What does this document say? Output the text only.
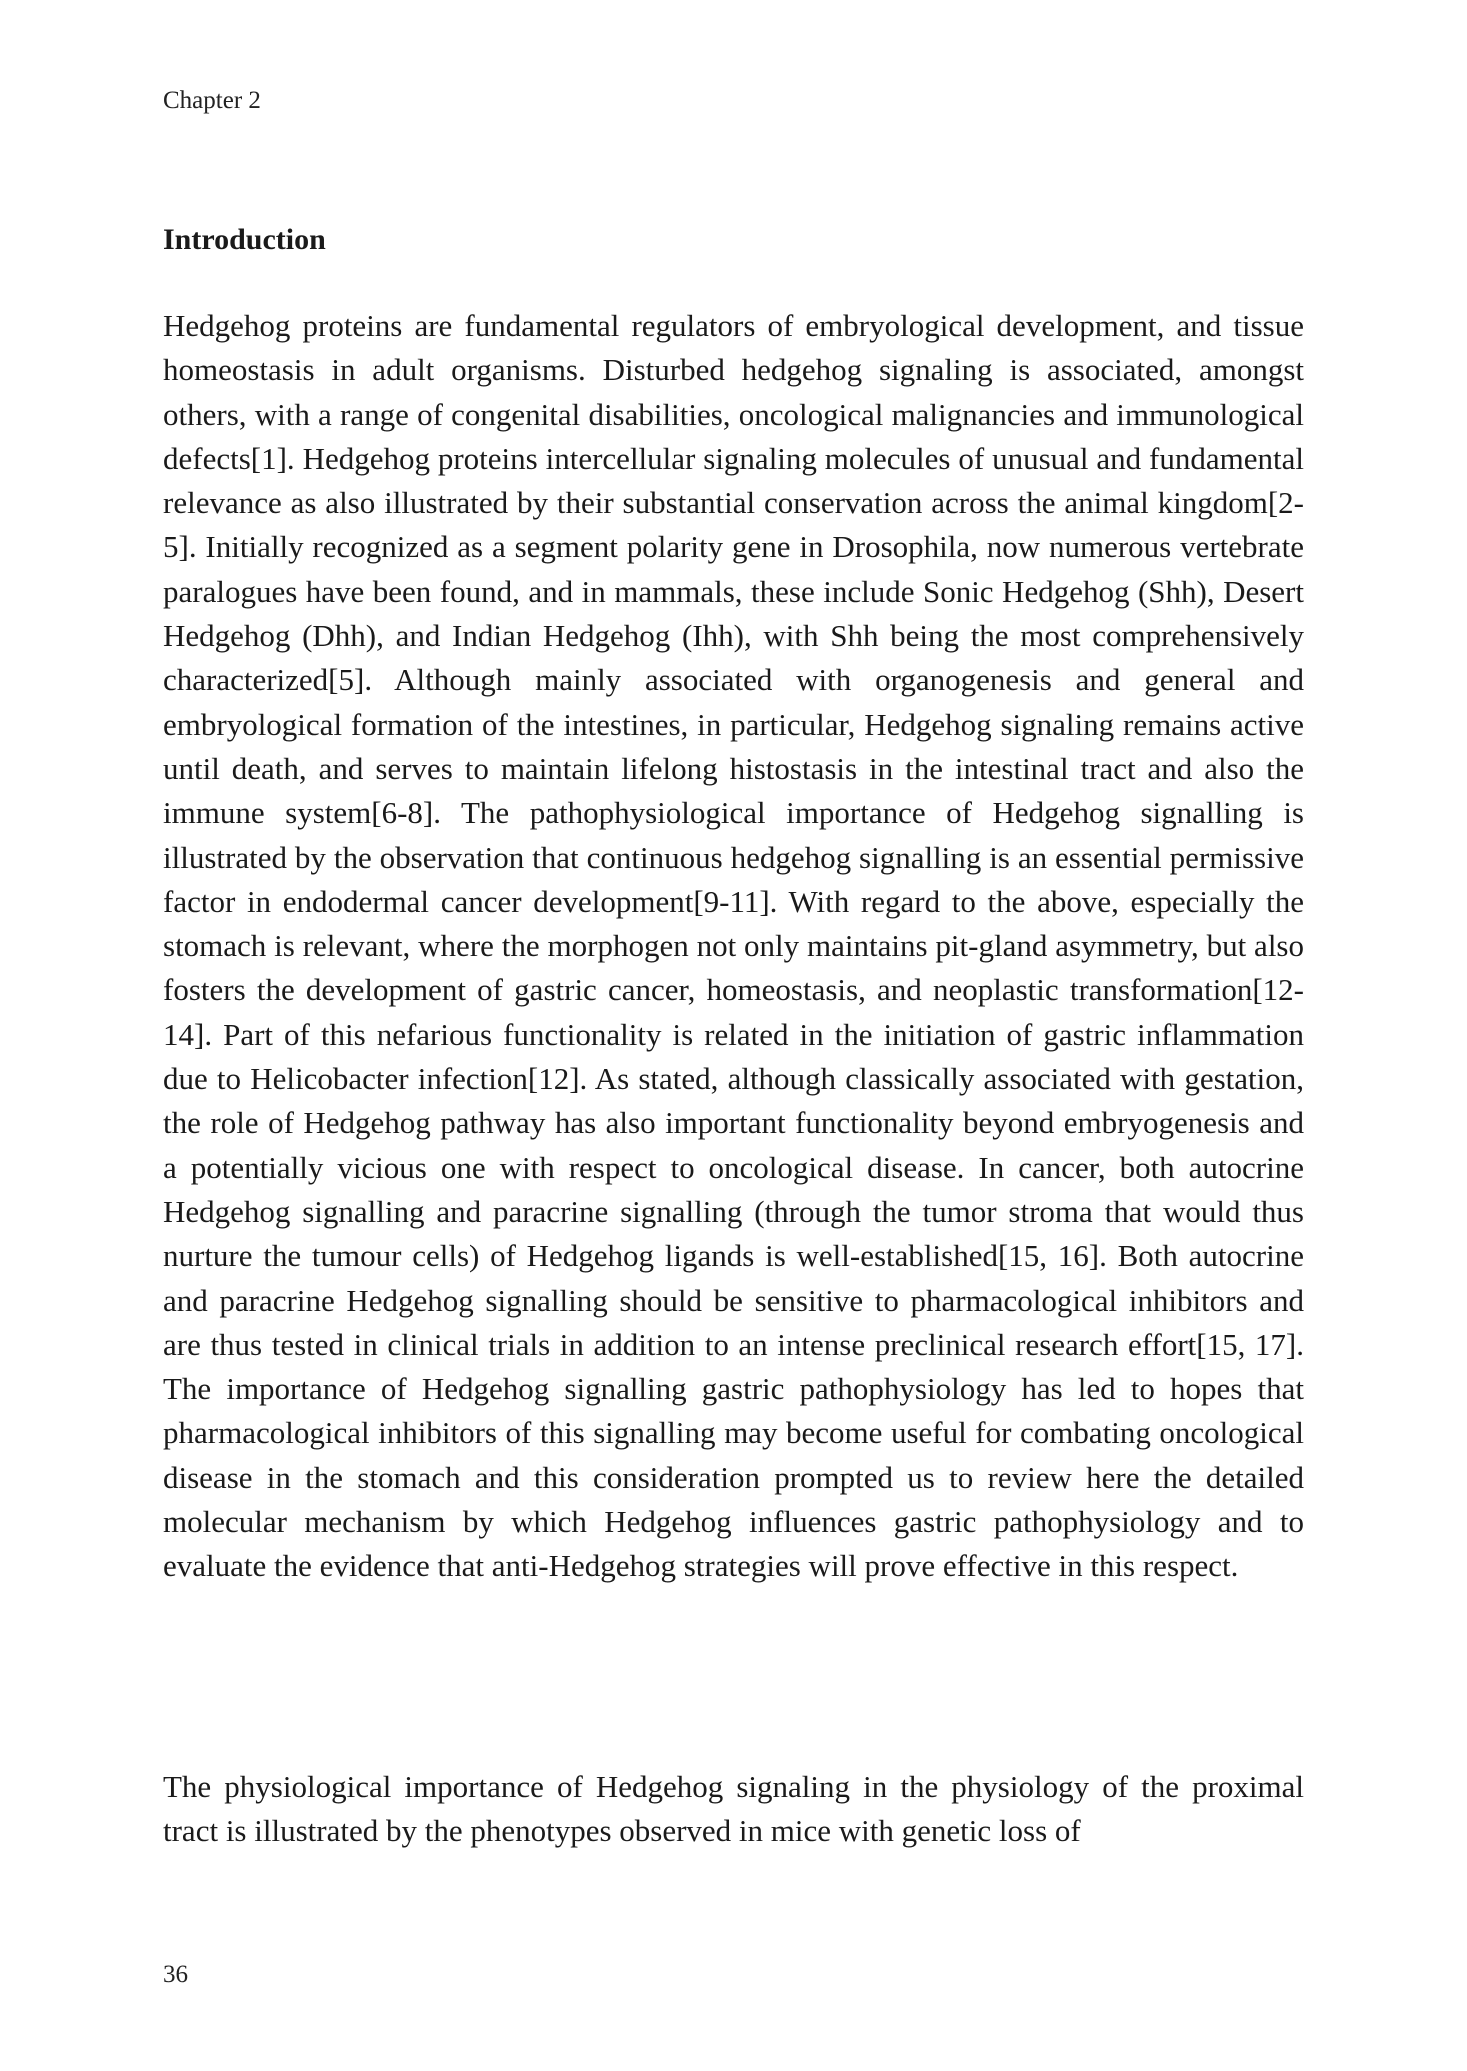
Chapter 2
Introduction

Hedgehog proteins are fundamental regulators of embryological development, and tissue homeostasis in adult organisms. Disturbed hedgehog signaling is associated, amongst others, with a range of congenital disabilities, oncological malignancies and immunological defects[1]. Hedgehog proteins intercellular signaling molecules of unusual and fundamental relevance as also illustrated by their substantial conservation across the animal kingdom[2-5]. Initially recognized as a segment polarity gene in Drosophila, now numerous vertebrate paralogues have been found, and in mammals, these include Sonic Hedgehog (Shh), Desert Hedgehog (Dhh), and Indian Hedgehog (Ihh), with Shh being the most comprehensively characterized[5]. Although mainly associated with organogenesis and general and embryological formation of the intestines, in particular, Hedgehog signaling remains active until death, and serves to maintain lifelong histostasis in the intestinal tract and also the immune system[6-8]. The pathophysiological importance of Hedgehog signalling is illustrated by the observation that continuous hedgehog signalling is an essential permissive factor in endodermal cancer development[9-11]. With regard to the above, especially the stomach is relevant, where the morphogen not only maintains pit-gland asymmetry, but also fosters the development of gastric cancer, homeostasis, and neoplastic transformation[12-14]. Part of this nefarious functionality is related in the initiation of gastric inflammation due to Helicobacter infection[12]. As stated, although classically associated with gestation, the role of Hedgehog pathway has also important functionality beyond embryogenesis and a potentially vicious one with respect to oncological disease. In cancer, both autocrine Hedgehog signalling and paracrine signalling (through the tumor stroma that would thus nurture the tumour cells) of Hedgehog ligands is well-established[15, 16]. Both autocrine and paracrine Hedgehog signalling should be sensitive to pharmacological inhibitors and are thus tested in clinical trials in addition to an intense preclinical research effort[15, 17]. The importance of Hedgehog signalling gastric pathophysiology has led to hopes that pharmacological inhibitors of this signalling may become useful for combating oncological disease in the stomach and this consideration prompted us to review here the detailed molecular mechanism by which Hedgehog influences gastric pathophysiology and to evaluate the evidence that anti-Hedgehog strategies will prove effective in this respect.

The physiological importance of Hedgehog signaling in the physiology of the proximal tract is illustrated by the phenotypes observed in mice with genetic loss of

36
